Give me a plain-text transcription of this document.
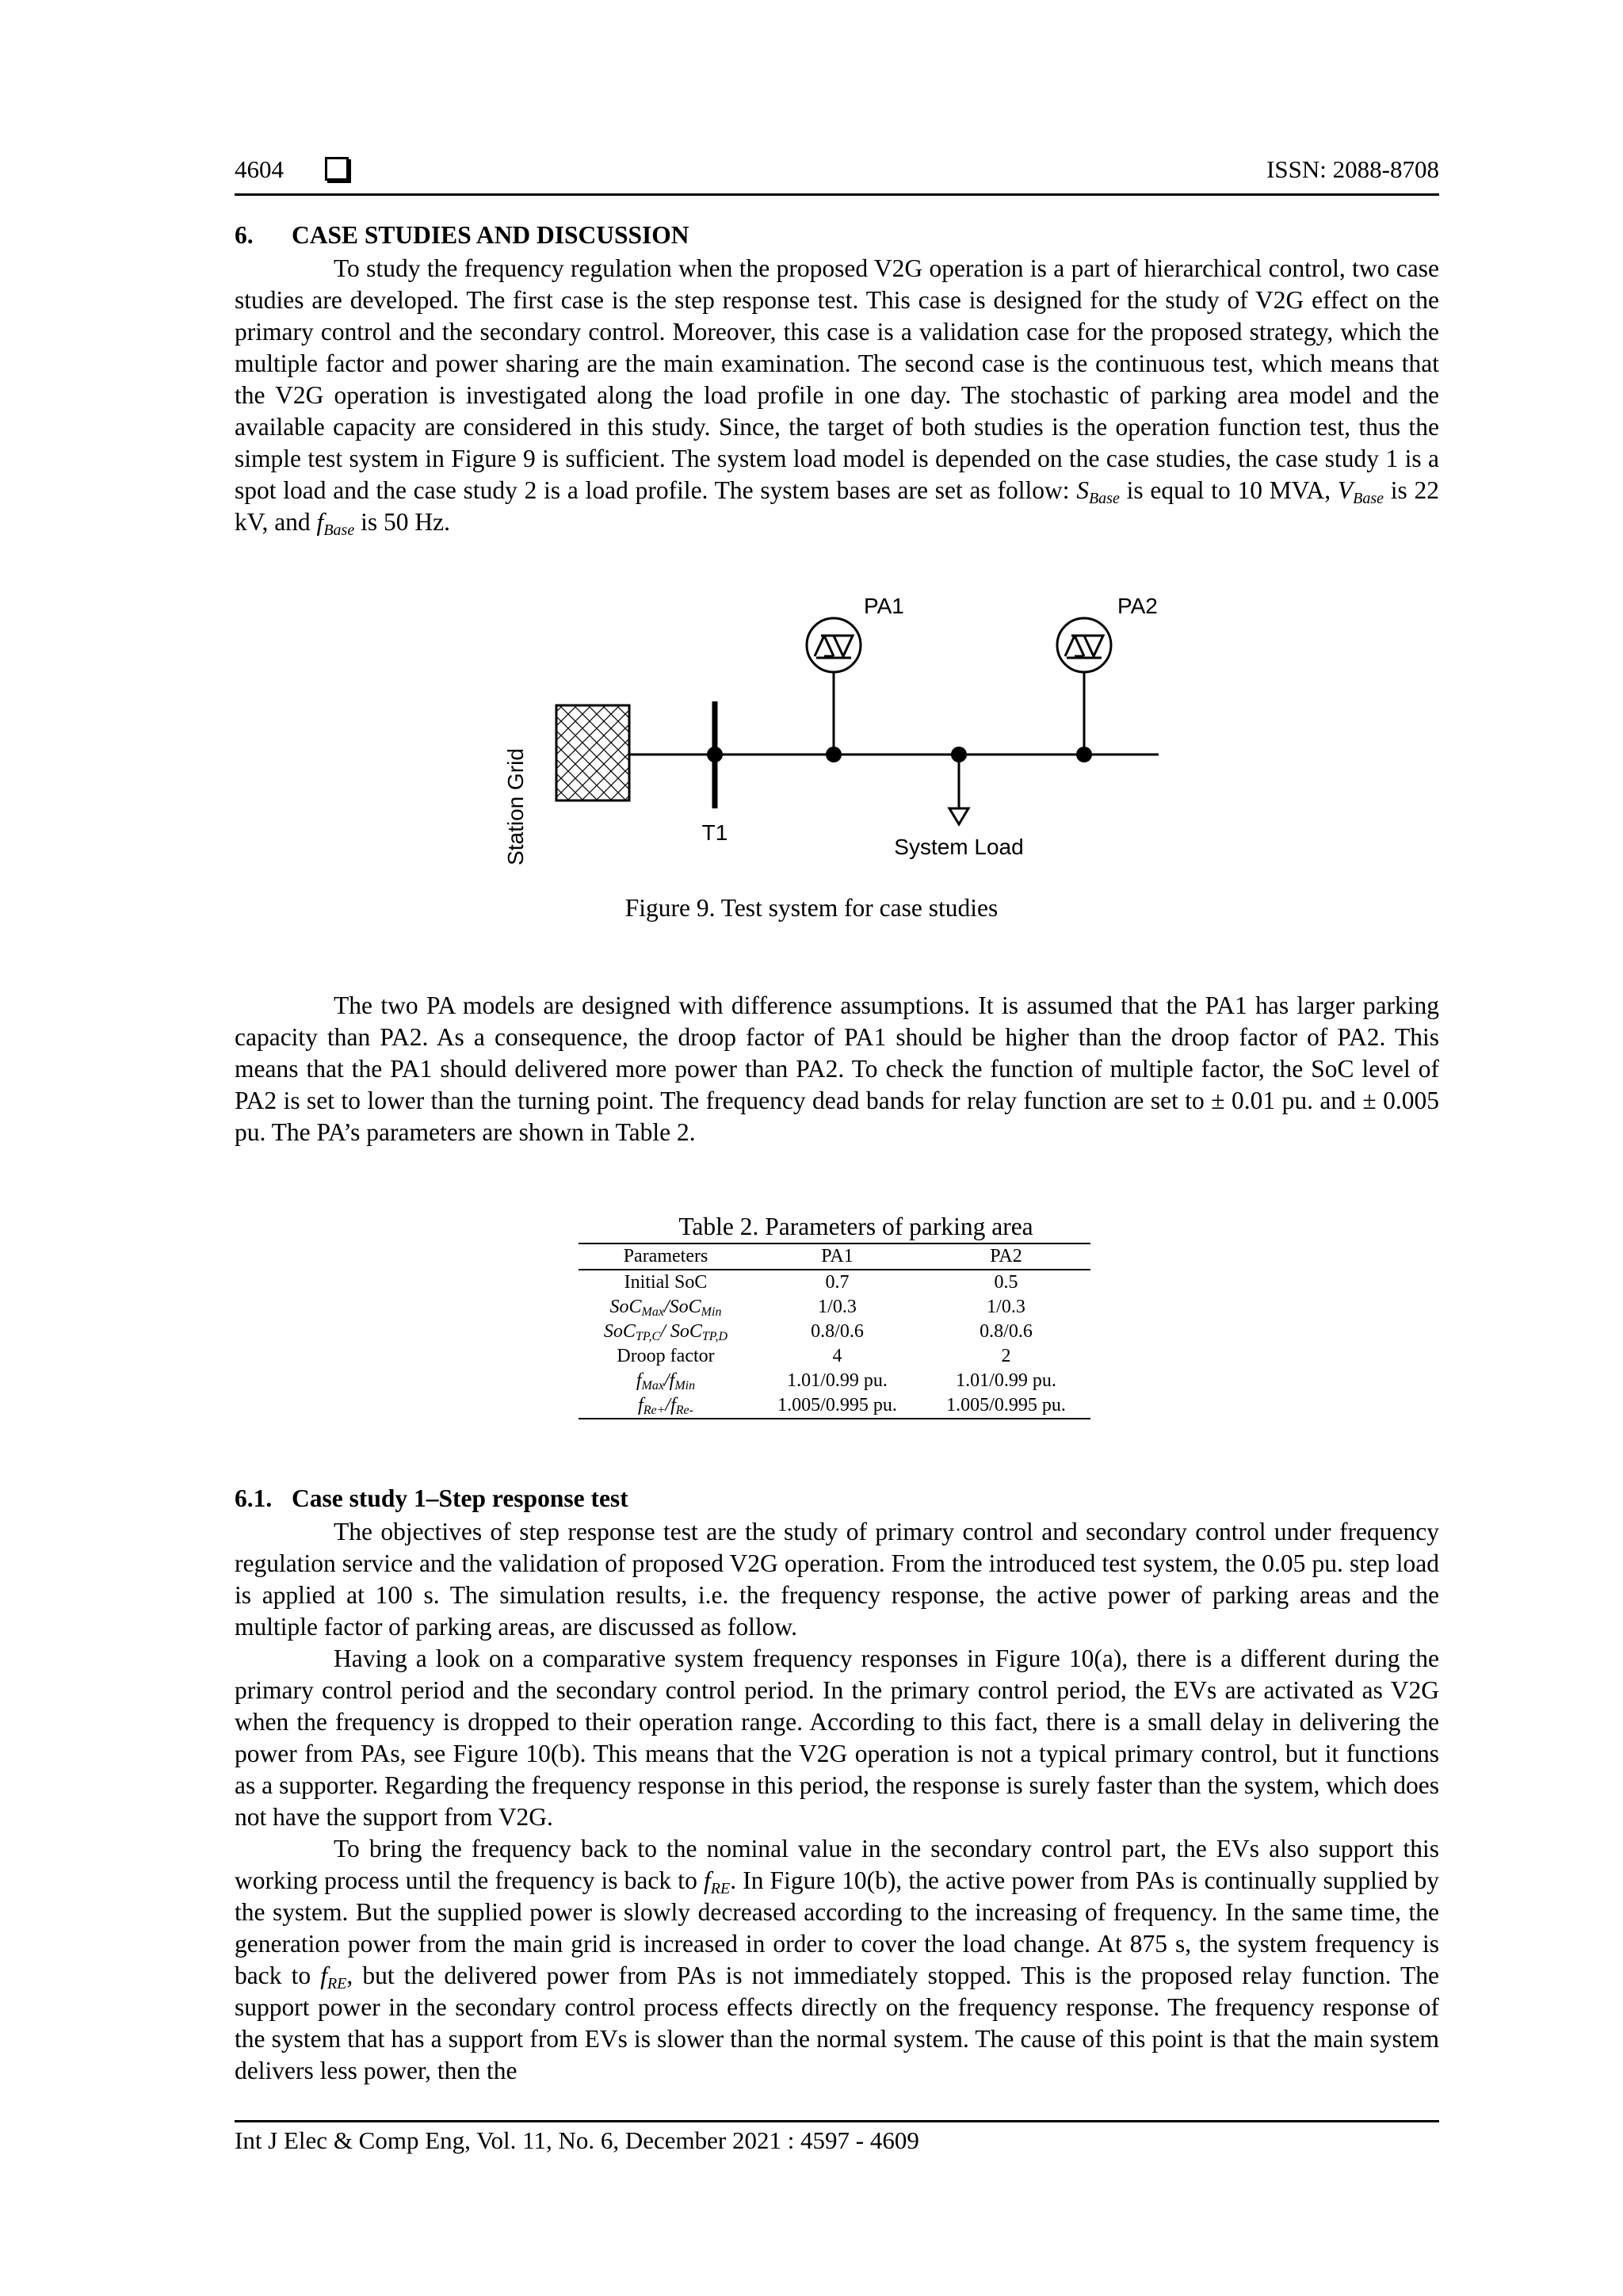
4604	ISSN: 2088-8708
6. CASE STUDIES AND DISCUSSION

To study the frequency regulation when the proposed V2G operation is a part of hierarchical control, two case studies are developed. The first case is the step response test. This case is designed for the study of V2G effect on the primary control and the secondary control. Moreover, this case is a validation case for the proposed strategy, which the multiple factor and power sharing are the main examination. The second case is the continuous test, which means that the V2G operation is investigated along the load profile in one day. The stochastic of parking area model and the available capacity are considered in this study. Since, the target of both studies is the operation function test, thus the simple test system in Figure 9 is sufficient. The system load model is depended on the case studies, the case study 1 is a spot load and the case study 2 is a load profile. The system bases are set as follow: $S_{Base}$ is equal to 10 MVA, $V_{Base}$ is 22 kV, and $f_{Base}$ is 50 Hz.

Station Grid	T1
PA1
System Load
PA2
Figure 9. Test system for case studies

The two PA models are designed with difference assumptions. It is assumed that the PA1 has larger parking capacity than PA2. As a consequence, the droop factor of PA1 should be higher than the droop factor of PA2. This means that the PA1 should delivered more power than PA2. To check the function of multiple factor, the SoC level of PA2 is set to lower than the turning point. The frequency dead bands for relay function are set to ± 0.01 pu. and ± 0.005 pu. The PA’s parameters are shown in Table 2.

Table 2. Parameters of parking area
Parameters	PA1	PA2
Initial SoC	0.7	0.5
SoC$_{Max}$/SoC$_{Min}$	1/0.3	1/0.3
SoC$_{TP,C}$/ SoC$_{TP,D}$	0.8/0.6	0.8/0.6
Droop factor	4	2
$f_{Max}/f_{Min}$	1.01/0.99 pu.	1.01/0.99 pu.
$f_{Re+}/f_{Re-}$	1.005/0.995 pu.	1.005/0.995 pu.
6.1. Case study 1–Step response test

The objectives of step response test are the study of primary control and secondary control under frequency regulation service and the validation of proposed V2G operation. From the introduced test system, the 0.05 pu. step load is applied at 100 s. The simulation results, i.e. the frequency response, the active power of parking areas and the multiple factor of parking areas, are discussed as follow.

Having a look on a comparative system frequency responses in Figure 10(a), there is a different during the primary control period and the secondary control period. In the primary control period, the EVs are activated as V2G when the frequency is dropped to their operation range. According to this fact, there is a small delay in delivering the power from PAs, see Figure 10(b). This means that the V2G operation is not a typical primary control, but it functions as a supporter. Regarding the frequency response in this period, the response is surely faster than the system, which does not have the support from V2G.

To bring the frequency back to the nominal value in the secondary control part, the EVs also support this working process until the frequency is back to $f_{RE}$. In Figure 10(b), the active power from PAs is continually supplied by the system. But the supplied power is slowly decreased according to the increasing of frequency. In the same time, the generation power from the main grid is increased in order to cover the load change. At 875 s, the system frequency is back to $f_{RE}$, but the delivered power from PAs is not immediately stopped. This is the proposed relay function. The support power in the secondary control process effects directly on the frequency response. The frequency response of the system that has a support from EVs is slower than the normal system. The cause of this point is that the main system delivers less power, then the

Int J Elec & Comp Eng, Vol. 11, No. 6, December 2021 : 4597 - 4609
